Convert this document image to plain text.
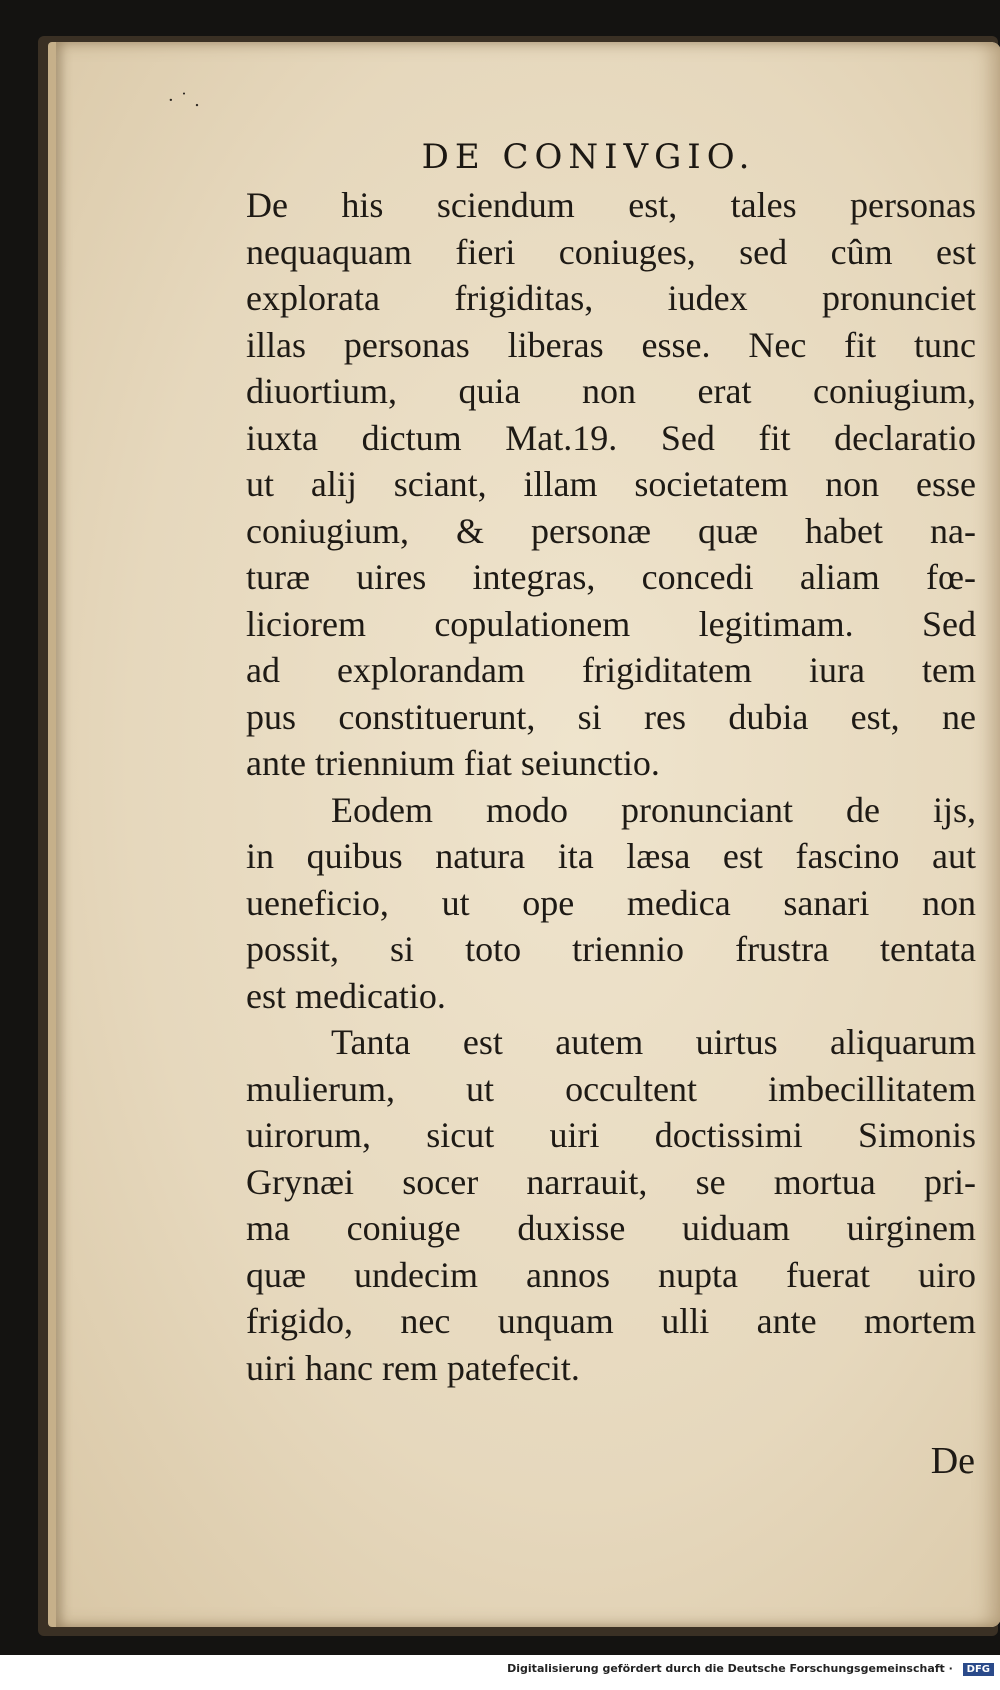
· ˙ .
DE CONIVGIO.
De his sciendum est, tales personas
nequaquam fieri coniuges, sed cûm est
explorata frigiditas, iudex pronunciet
illas personas liberas esse. Nec fit tunc
diuortium, quia non erat coniugium,
iuxta dictum Mat.19. Sed fit declaratio
ut alij sciant, illam societatem non esse
coniugium, & personæ quæ habet na-
turæ uires integras, concedi aliam fœ-
liciorem copulationem legitimam. Sed
ad explorandam frigiditatem iura tem
pus constituerunt, si res dubia est, ne
ante triennium fiat seiunctio.
Eodem modo pronunciant de ijs,
in quibus natura ita læsa est fascino aut
ueneficio, ut ope medica sanari non
possit, si toto triennio frustra tentata
est medicatio.
Tanta est autem uirtus aliquarum
mulierum, ut occultent imbecillitatem
uirorum, sicut uiri doctissimi Simonis
Grynæi socer narrauit, se mortua pri-
ma coniuge duxisse uiduam uirginem
quæ undecim annos nupta fuerat uiro
frigido, nec unquam ulli ante mortem
uiri hanc rem patefecit.
De
Digitalisierung gefördert durch die Deutsche Forschungsgemeinschaft · DFG
